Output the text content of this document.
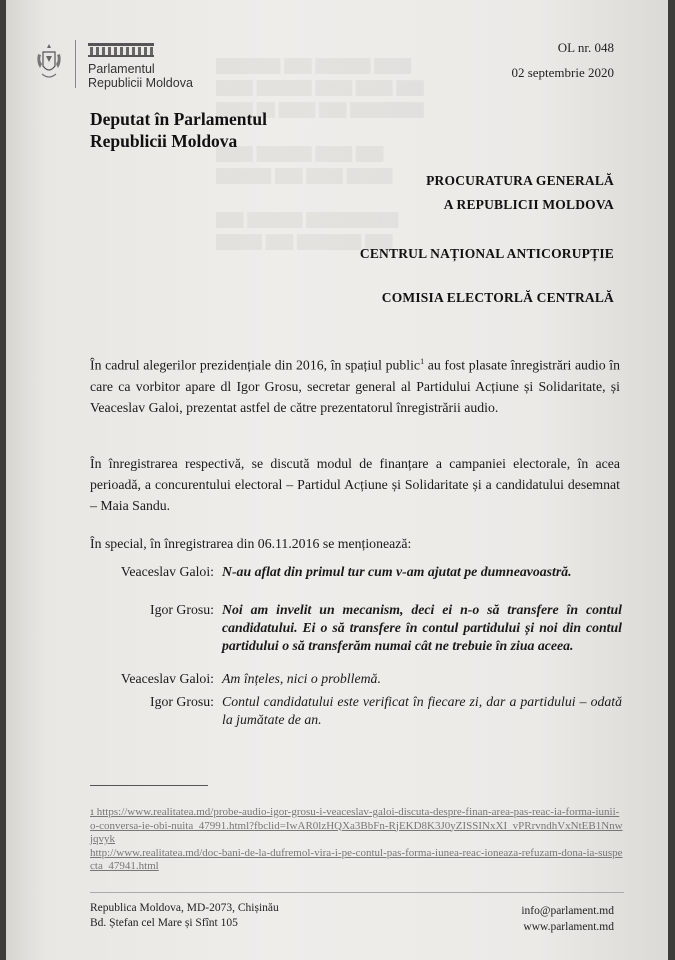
███████ ███ ██████ ████
████ ██████ ████ ████ ███
████ ██ ████ ███ ████████

████ ██████ ████ ███
██████ ███ ████ █████

███ ██████ ██████████
█████ ███ ███████ ███
Parlamentul
Republicii Moldova
OL nr. 048
02 septembrie 2020
Deputat în Parlamentul
Republicii Moldova
PROCURATURA GENERALĂ
A REPUBLICII MOLDOVA
CENTRUL NAȚIONAL ANTICORUPȚIE
COMISIA ELECTORLĂ CENTRALĂ

În cadrul alegerilor prezidențiale din 2016, în spațiul public$^1$ au fost plasate înregistrări audio în care ca vorbitor apare dl Igor Grosu, secretar general al Partidului Acțiune și Solidaritate, și Veaceslav Galoi, prezentat astfel de către prezentatorul înregistrării audio.

În înregistrarea respectivă, se discută modul de finanțare a campaniei electorale, în acea perioadă, a concurentului electoral – Partidul Acțiune și Solidaritate și a candidatului desemnat – Maia Sandu.

În special, în înregistrarea din 06.11.2016 se menționează:

Veaceslav Galoi: N-au aflat din primul tur cum v-am ajutat pe dumneavoastră.
Igor Grosu: Noi am invelit un mecanism, deci ei n-o să transfere în contul candidatului. Ei o să transfere în contul partidului și noi din contul partidului o să transferăm numai cât ne trebuie în ziua aceea.
Veaceslav Galoi: Am înțeles, nici o probllemă.
Igor Grosu: Contul candidatului este verificat în fiecare zi, dar a partidului – odată la jumătate de an.

$^1$ https://www.realitatea.md/probe-audio-igor-grosu-i-veaceslav-galoi-discuta-despre-finan-area-pas-reac-ia-forma-iunii-o-conversa-ie-obi-nuita_47991.html?fbclid=IwAR0lzHQXa3BbFn-RjEKD8K3J0yZISSINxXI_vPRrvndhVxNtEB1Nnwjqvyk

http://www.realitatea.md/doc-bani-de-la-dufremol-vira-i-pe-contul-pas-forma-iunea-reac-ioneaza-refuzam-dona-ia-suspecta_47941.html

Republica Moldova, MD-2073, Chișinău
Bd. Ștefan cel Mare și Sfînt 105
info@parlament.md
www.parlament.md
